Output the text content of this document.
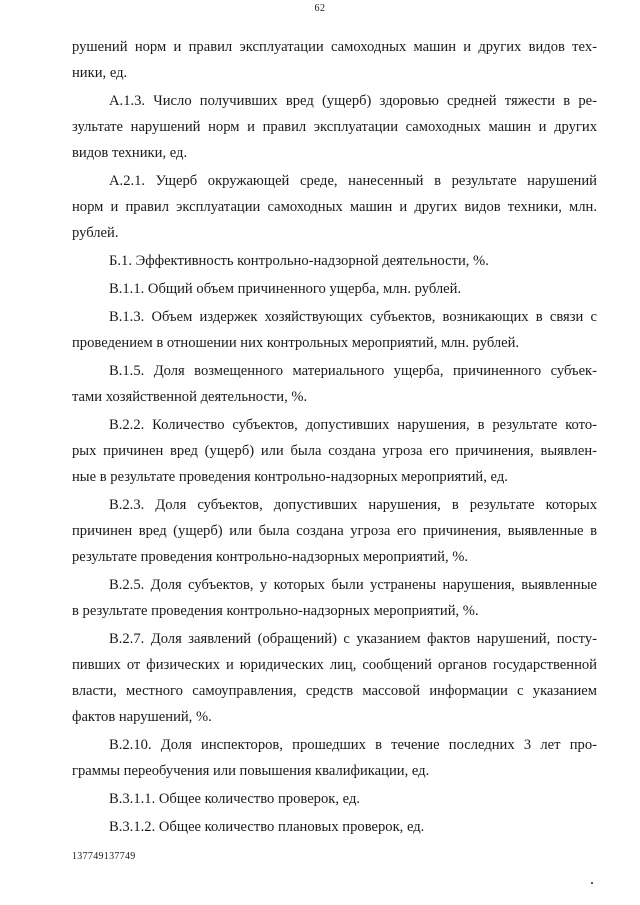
62
рушений норм и правил эксплуатации самоходных машин и других видов тех-
ники, ед.
А.1.3. Число получивших вред (ущерб) здоровью средней тяжести в ре-
зультате нарушений норм и правил эксплуатации самоходных машин и других
видов техники, ед.
А.2.1. Ущерб окружающей среде, нанесенный в результате нарушений
норм и правил эксплуатации самоходных машин и других видов техники, млн.
рублей.
Б.1. Эффективность контрольно-надзорной деятельности, %.
В.1.1. Общий объем причиненного ущерба, млн. рублей.
В.1.3. Объем издержек хозяйствующих субъектов, возникающих в связи с
проведением в отношении них контрольных мероприятий, млн. рублей.
В.1.5. Доля возмещенного материального ущерба, причиненного субъек-
тами хозяйственной деятельности, %.
В.2.2. Количество субъектов, допустивших нарушения, в результате кото-
рых причинен вред (ущерб) или была создана угроза его причинения, выявлен-
ные в результате проведения контрольно-надзорных мероприятий, ед.
В.2.3. Доля субъектов, допустивших нарушения, в результате которых
причинен вред (ущерб) или была создана угроза его причинения, выявленные в
результате проведения контрольно-надзорных мероприятий, %.
В.2.5. Доля субъектов, у которых были устранены нарушения, выявленные
в результате проведения контрольно-надзорных мероприятий, %.
В.2.7. Доля заявлений (обращений) с указанием фактов нарушений, посту-
пивших от физических и юридических лиц, сообщений органов государственной
власти, местного самоуправления, средств массовой информации с указанием
фактов нарушений, %.
В.2.10. Доля инспекторов, прошедших в течение последних 3 лет про-
граммы переобучения или повышения квалификации, ед.
В.3.1.1. Общее количество проверок, ед.
В.3.1.2. Общее количество плановых проверок, ед.
137749137749
